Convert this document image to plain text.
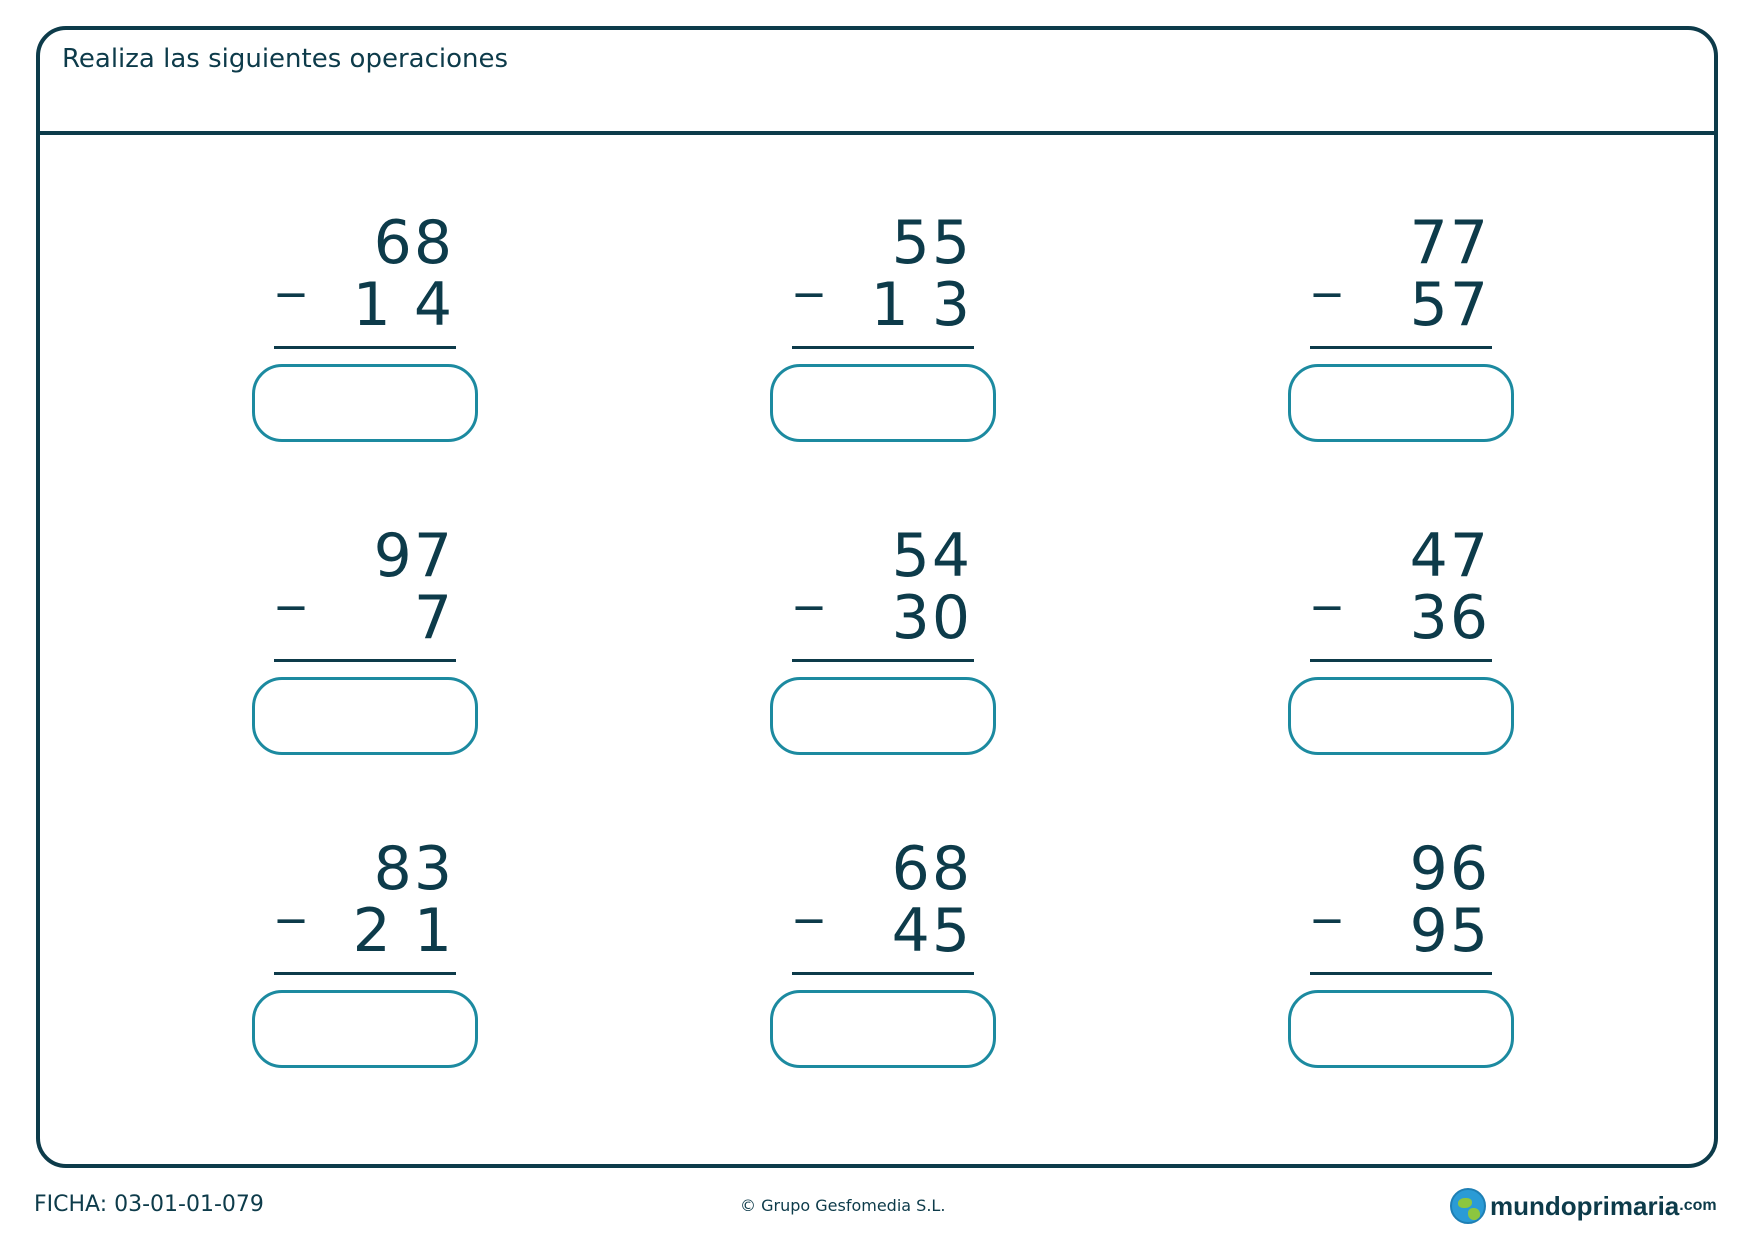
Realiza las siguientes operaciones
_ 68
1 4
_ 55
1 3
_ 77
57
_ 97
7
_ 54
30
_ 47
36
_ 83
2 1
_ 68
45
_ 96
95
FICHA: 03-01-01-079	© Grupo Gesfomedia S.L.	mundoprimaria .com
